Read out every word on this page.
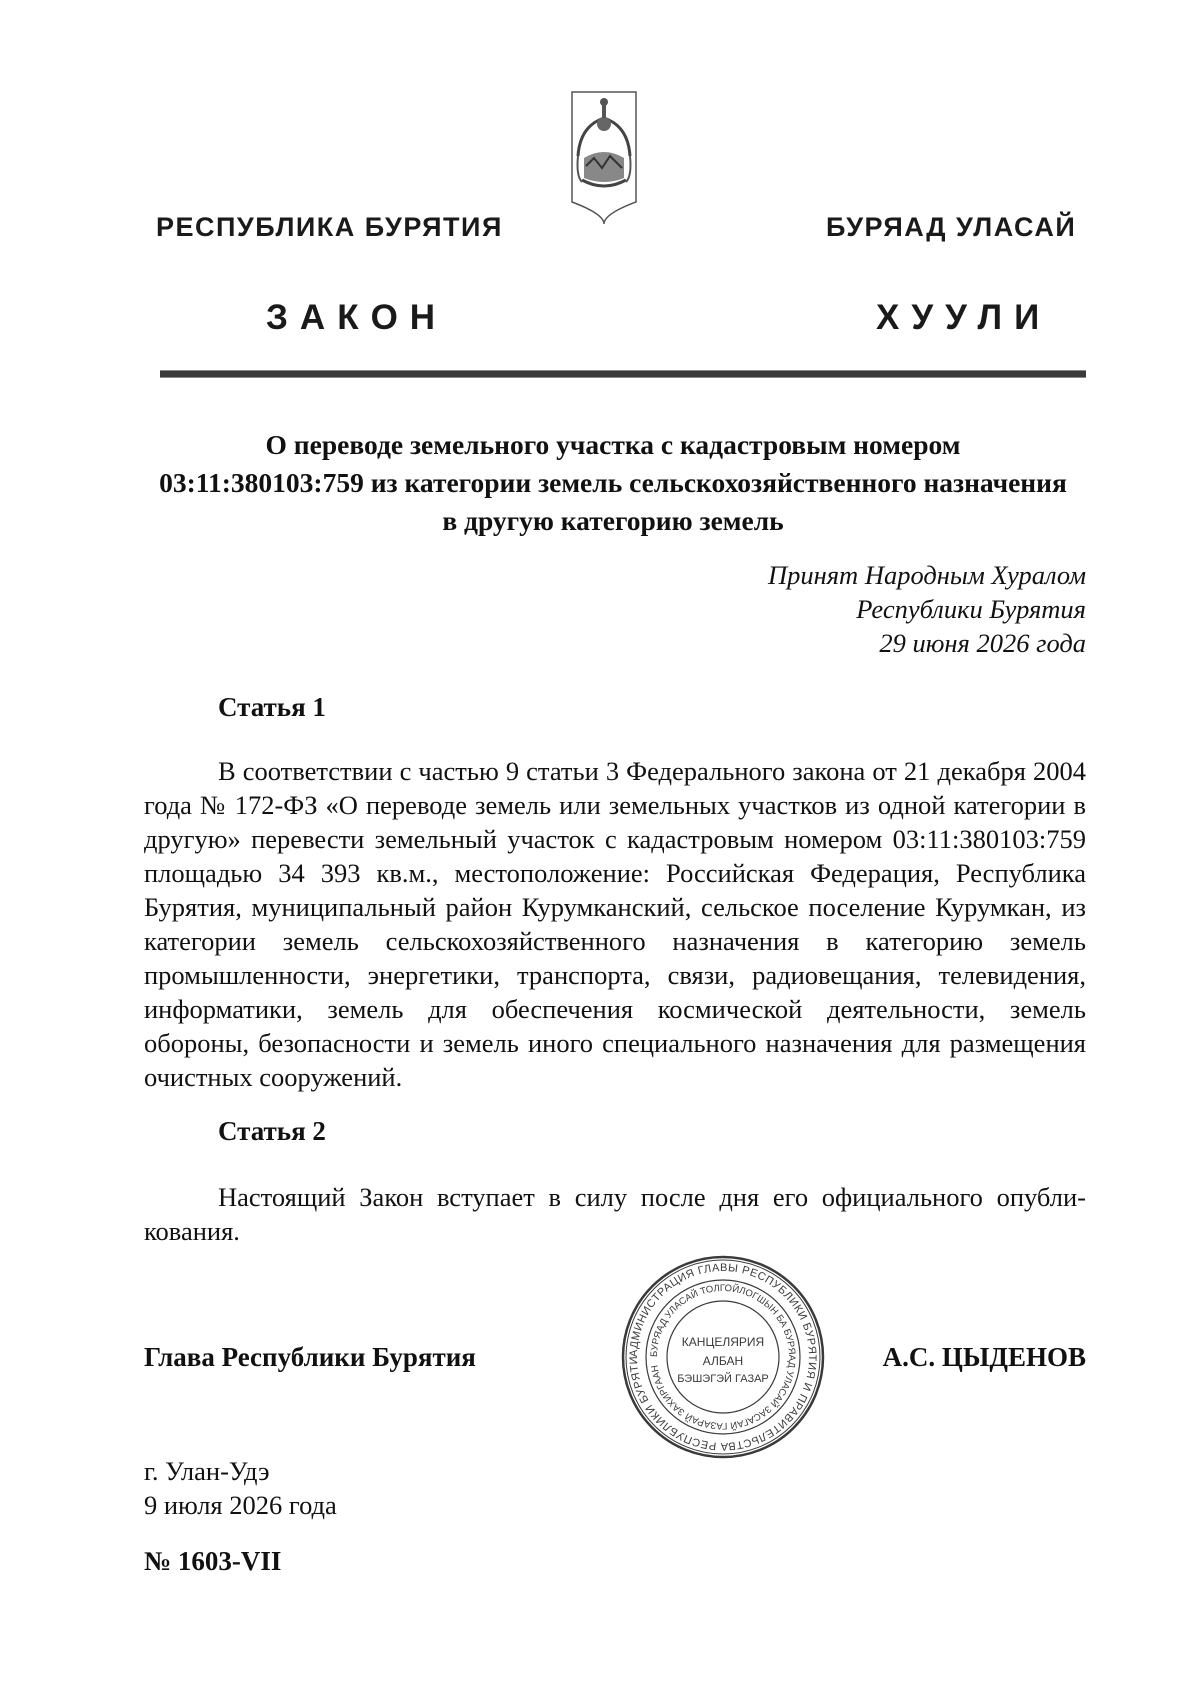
РЕСПУБЛИКА БУРЯТИЯ	БУРЯАД УЛАСАЙ
ЗАКОН	ХУУЛИ
О переводе земельного участка с кадастровым номером
03:11:380103:759 из категории земель сельскохозяйственного назначения
в другую категорию земель
Принят Народным Хуралом
Республики Бурятия
29 июня 2026 года
Статья 1
В соответствии с частью 9 статьи 3 Федерального закона от 21 декабря 2004 года № 172-ФЗ «О переводе земель или земельных участков из одной категории в другую» перевести земельный участок с кадастровым номером 03:11:380103:759 площадью 34 393 кв.м., местоположение: Российская Федерация, Республика Бурятия, муниципальный район Курумканский, сельское поселение Курумкан, из категории земель сельскохозяйственного назначения в категорию земель промышленности, энергетики, транспорта, связи, радиовещания, телевидения, информатики, земель для обеспечения космической деятельности, земель обороны, безопасности и земель иного специального назначения для размещения очистных сооружений.
Статья 2
Настоящий Закон вступает в силу после дня его официального опубликования.
Глава Республики Бурятия	АДМИНИСТРАЦИЯ ГЛАВЫ РЕСПУБЛИКИ БУРЯТИЯ И ПРАВИТЕЛЬСТВА РЕСПУБЛИКИ БУРЯТИ
БУРЯАД УЛАСАЙ ТОЛГОЙЛОГШЫН БА БУРЯАД УЛАСАЙ ЗАСАГАЙ ГАЗАРАЙ ЗАХИРГААН
КАНЦЕЛЯРИЯ
АЛБАН
БЭШЭГЭЙ ГАЗАР
А.С. ЦЫДЕНОВ
г. Улан-Удэ
9 июля 2026 года
№ 1603-VII
